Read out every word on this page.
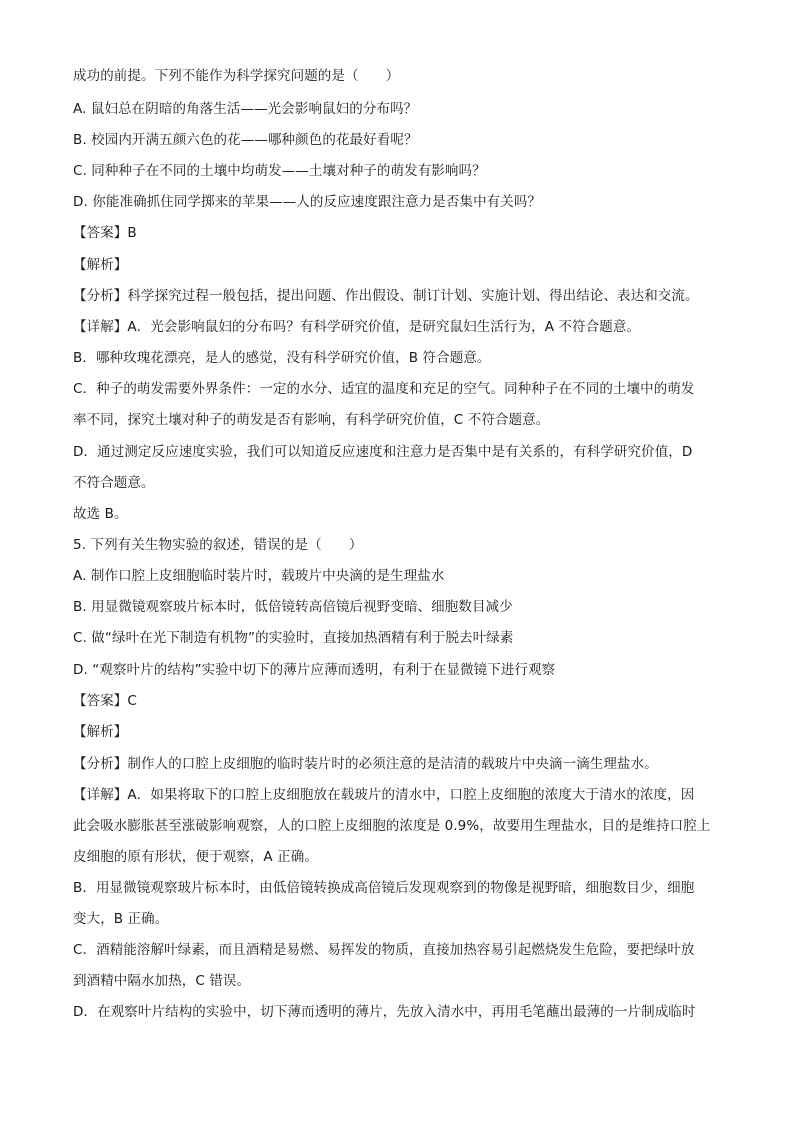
成功的前提。下列不能作为科学探究问题的是（　　）
A. 鼠妇总在阴暗的角落生活——光会影响鼠妇的分布吗？
B. 校园内开满五颜六色的花——哪种颜色的花最好看呢？
C. 同种种子在不同的土壤中均萌发——土壤对种子的萌发有影响吗？
D. 你能准确抓住同学掷来的苹果——人的反应速度跟注意力是否集中有关吗？
【答案】B
【解析】
【分析】科学探究过程一般包括，提出问题、作出假设、制订计划、实施计划、得出结论、表达和交流。
【详解】A．光会影响鼠妇的分布吗？有科学研究价值，是研究鼠妇生活行为，A 不符合题意。
B．哪种玫瑰花漂亮，是人的感觉，没有科学研究价值，B 符合题意。
C．种子的萌发需要外界条件：一定的水分、适宜的温度和充足的空气。同种种子在不同的土壤中的萌发
率不同，探究土壤对种子的萌发是否有影响，有科学研究价值，C 不符合题意。
D．通过测定反应速度实验，我们可以知道反应速度和注意力是否集中是有关系的，有科学研究价值，D
不符合题意。
故选 B。
5. 下列有关生物实验的叙述，错误的是（　　）
A. 制作口腔上皮细胞临时装片时，载玻片中央滴的是生理盐水
B. 用显微镜观察玻片标本时，低倍镜转高倍镜后视野变暗、细胞数目减少
C. 做“绿叶在光下制造有机物”的实验时，直接加热酒精有利于脱去叶绿素
D. “观察叶片的结构”实验中切下的薄片应薄而透明，有利于在显微镜下进行观察
【答案】C
【解析】
【分析】制作人的口腔上皮细胞的临时装片时的必须注意的是洁清的载玻片中央滴一滴生理盐水。
【详解】A．如果将取下的口腔上皮细胞放在载玻片的清水中，口腔上皮细胞的浓度大于清水的浓度，因
此会吸水膨胀甚至涨破影响观察，人的口腔上皮细胞的浓度是 0.9%，故要用生理盐水，目的是维持口腔上
皮细胞的原有形状，便于观察，A 正确。
B．用显微镜观察玻片标本时，由低倍镜转换成高倍镜后发现观察到的物像是视野暗，细胞数目少，细胞
变大，B 正确。
C．酒精能溶解叶绿素，而且酒精是易燃、易挥发的物质，直接加热容易引起燃烧发生危险，要把绿叶放
到酒精中隔水加热，C 错误。
D．在观察叶片结构的实验中，切下薄而透明的薄片，先放入清水中，再用毛笔蘸出最薄的一片制成临时
